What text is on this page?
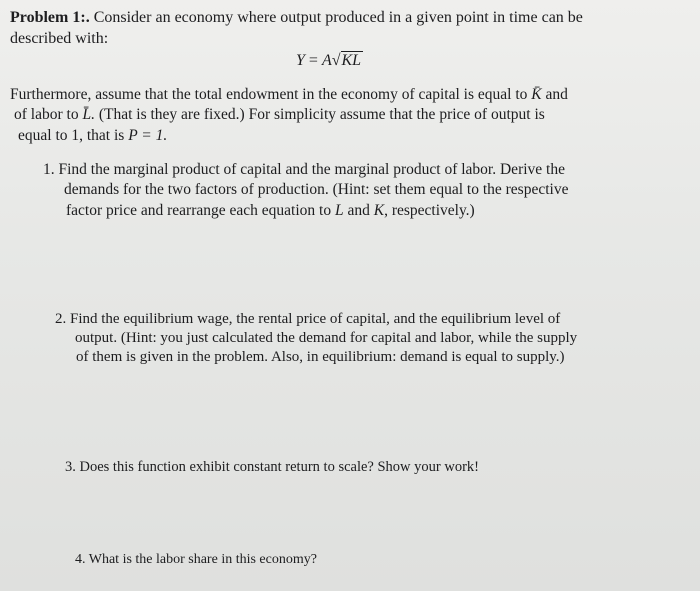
Problem 1:. Consider an economy where output produced in a given point in time can be
described with:
Y = A√KL
Furthermore, assume that the total endowment in the economy of capital is equal to K̄ and
of labor to L̄. (That is they are fixed.) For simplicity assume that the price of output is
equal to 1, that is P = 1.
1. Find the marginal product of capital and the marginal product of labor. Derive the
demands for the two factors of production. (Hint: set them equal to the respective
factor price and rearrange each equation to L and K, respectively.)
2. Find the equilibrium wage, the rental price of capital, and the equilibrium level of
output. (Hint: you just calculated the demand for capital and labor, while the supply
of them is given in the problem. Also, in equilibrium: demand is equal to supply.)
3. Does this function exhibit constant return to scale? Show your work!
4. What is the labor share in this economy?
